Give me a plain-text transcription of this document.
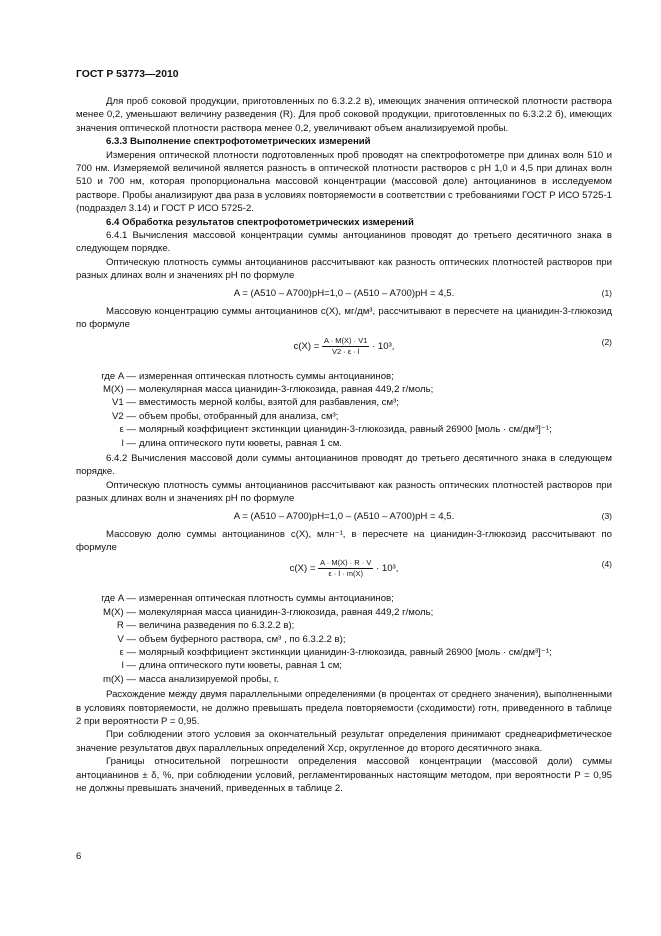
ГОСТ Р 53773—2010

Для проб соковой продукции, приготовленных по 6.3.2.2 в), имеющих значения оптической плотности раствора менее 0,2, уменьшают величину разведения (R). Для проб соковой продукции, приготовленных по 6.3.2.2 б), имеющих значения оптической плотности раствора менее 0,2, увеличивают объем анализируемой пробы.

6.3.3 Выполнение спектрофотометрических измерений

Измерения оптической плотности подготовленных проб проводят на спектрофотометре при длинах волн 510 и 700 нм. Измеряемой величиной является разность в оптической плотности растворов с рН 1,0 и 4,5 при длинах волн 510 и 700 нм, которая пропорциональна массовой концентрации (массовой доле) антоцианинов в исследуемом растворе. Пробы анализируют два раза в условиях повторяемости в соответствии с требованиями ГОСТ Р ИСО 5725-1 (подраздел 3.14) и ГОСТ Р ИСО 5725-2.

6.4 Обработка результатов спектрофотометрических измерений

6.4.1 Вычисления массовой концентрации суммы антоцианинов проводят до третьего десятичного знака в следующем порядке.

Оптическую плотность суммы антоцианинов рассчитывают как разность оптических плотностей растворов при разных длинах волн и значениях рН по формуле

A = (A510 – A700)pH=1,0 – (A510 – A700)pH = 4,5.	(1)

Массовую концентрацию суммы антоцианинов c(X), мг/дм³, рассчитывают в пересчете на цианидин-3-глюкозид по формуле

$c(X) = \frac{A \cdot M(X) \cdot V1}{V2 \cdot \varepsilon \cdot l} \cdot 10^3$,	(2)
где A — измеренная оптическая плотность суммы антоцианинов;
M(X) — молекулярная масса цианидин-3-глюкозида, равная 449,2 г/моль;
V1 — вместимость мерной колбы, взятой для разбавления, см³;
V2 — объем пробы, отобранный для анализа, см³;
ε — молярный коэффициент экстинкции цианидин-3-глюкозида, равный 26900 [моль · см/дм³]⁻¹;
l — длина оптического пути кюветы, равная 1 см.

6.4.2 Вычисления массовой доли суммы антоцианинов проводят до третьего десятичного знака в следующем порядке.

Оптическую плотность суммы антоцианинов рассчитывают как разность оптических плотностей растворов при разных длинах волн и значениях рН по формуле

A = (A510 – A700)pH=1,0 – (A510 – A700)pH = 4,5.	(3)

Массовую долю суммы антоцианинов c(X), млн⁻¹, в пересчете на цианидин-3-глюкозид рассчитывают по формуле

$c(X) = \frac{A \cdot M(X) \cdot R \cdot V}{\varepsilon \cdot l \cdot m(X)} \cdot 10^3$,	(4)
где A — измеренная оптическая плотность суммы антоцианинов;
M(X) — молекулярная масса цианидин-3-глюкозида, равная 449,2 г/моль;
R — величина разведения по 6.3.2.2 в);
V — объем буферного раствора, см³ , по 6.3.2.2 в);
ε — молярный коэффициент экстинкции цианидин-3-глюкозида, равный 26900 [моль · см/дм³]⁻¹;
l — длина оптического пути кюветы, равная 1 см;
m(X) — масса анализируемой пробы, г.

Расхождение между двумя параллельными определениями (в процентах от среднего значения), выполненными в условиях повторяемости, не должно превышать предела повторяемости (сходимости) rотн, приведенного в таблице 2 при вероятности P = 0,95.

При соблюдении этого условия за окончательный результат определения принимают среднеарифметическое значение результатов двух параллельных определений Xср, округленное до второго десятичного знака.

Границы относительной погрешности определения массовой концентрации (массовой доли) суммы антоцианинов ± δ, %, при соблюдении условий, регламентированных настоящим методом, при вероятности P = 0,95 не должны превышать значений, приведенных в таблице 2.

6
